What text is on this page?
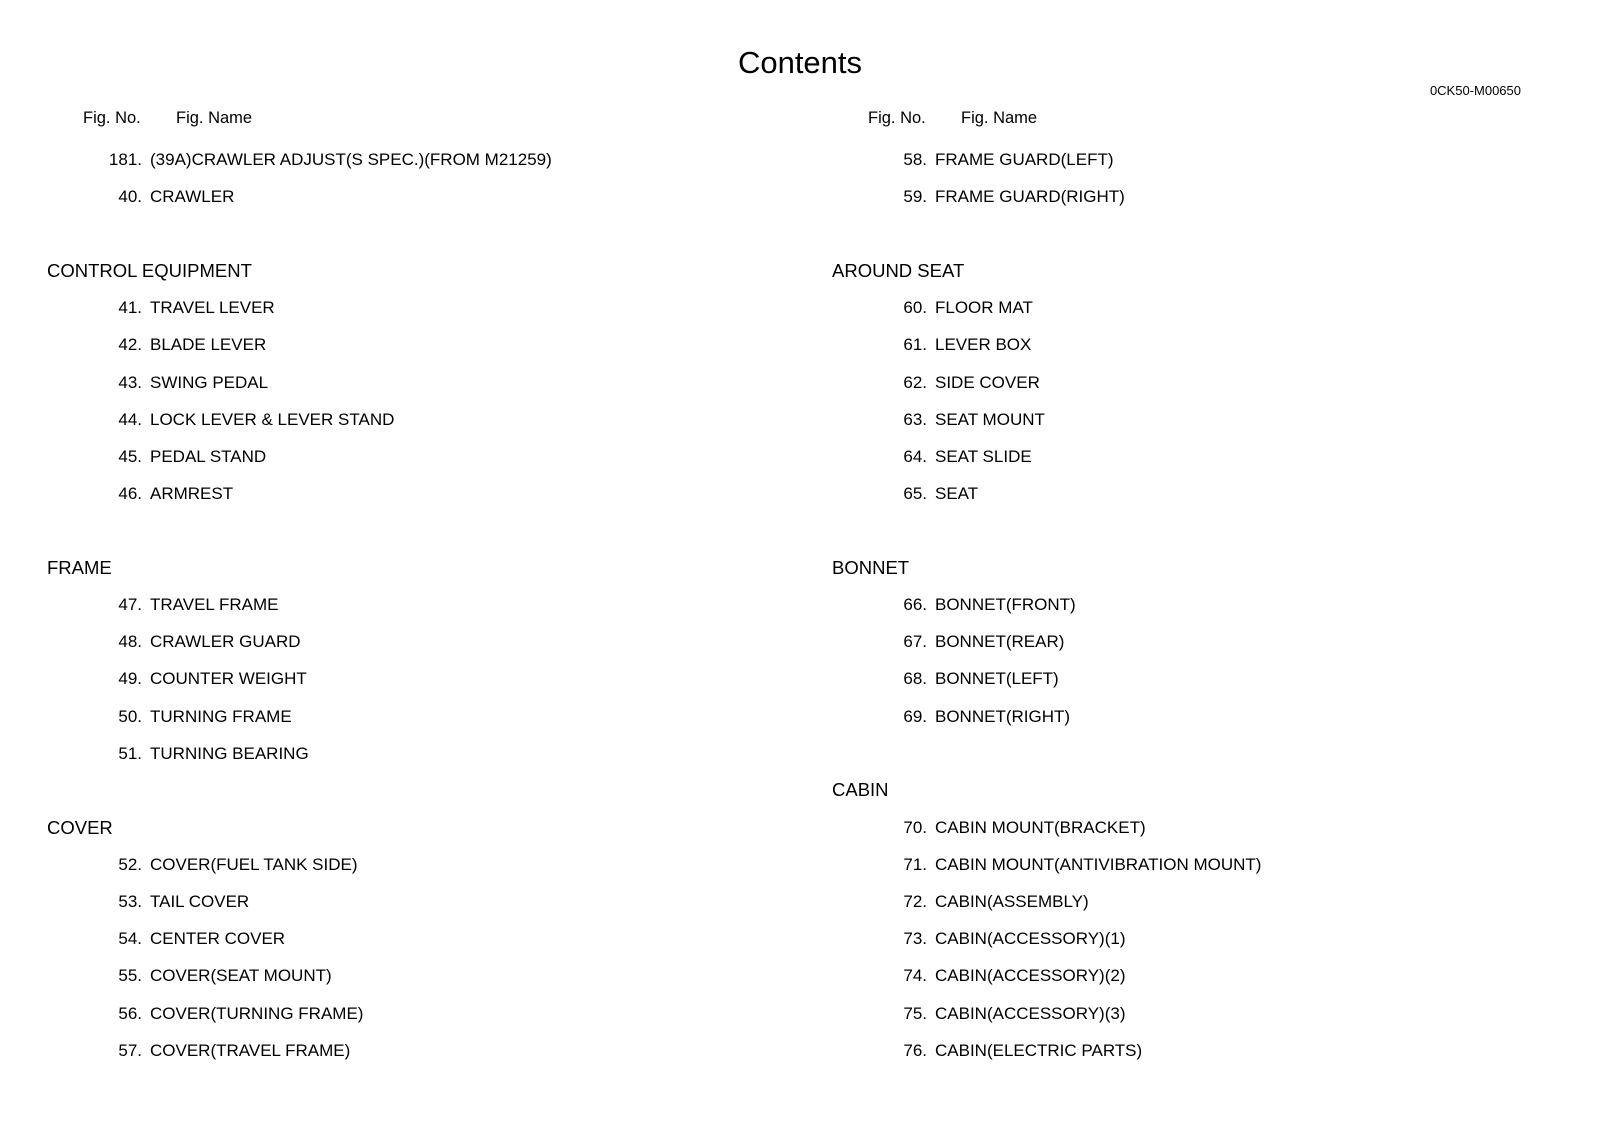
Contents
0CK50-M00650
Fig. No. Fig. Name
181. (39A)CRAWLER ADJUST(S SPEC.)(FROM M21259)
40. CRAWLER
CONTROL EQUIPMENT
41. TRAVEL LEVER
42. BLADE LEVER
43. SWING PEDAL
44. LOCK LEVER & LEVER STAND
45. PEDAL STAND
46. ARMREST
FRAME
47. TRAVEL FRAME
48. CRAWLER GUARD
49. COUNTER WEIGHT
50. TURNING FRAME
51. TURNING BEARING
COVER
52. COVER(FUEL TANK SIDE)
53. TAIL COVER
54. CENTER COVER
55. COVER(SEAT MOUNT)
56. COVER(TURNING FRAME)
57. COVER(TRAVEL FRAME)
Fig. No. Fig. Name
58. FRAME GUARD(LEFT)
59. FRAME GUARD(RIGHT)
AROUND SEAT
60. FLOOR MAT
61. LEVER BOX
62. SIDE COVER
63. SEAT MOUNT
64. SEAT SLIDE
65. SEAT
BONNET
66. BONNET(FRONT)
67. BONNET(REAR)
68. BONNET(LEFT)
69. BONNET(RIGHT)
CABIN
70. CABIN MOUNT(BRACKET)
71. CABIN MOUNT(ANTIVIBRATION MOUNT)
72. CABIN(ASSEMBLY)
73. CABIN(ACCESSORY)(1)
74. CABIN(ACCESSORY)(2)
75. CABIN(ACCESSORY)(3)
76. CABIN(ELECTRIC PARTS)
